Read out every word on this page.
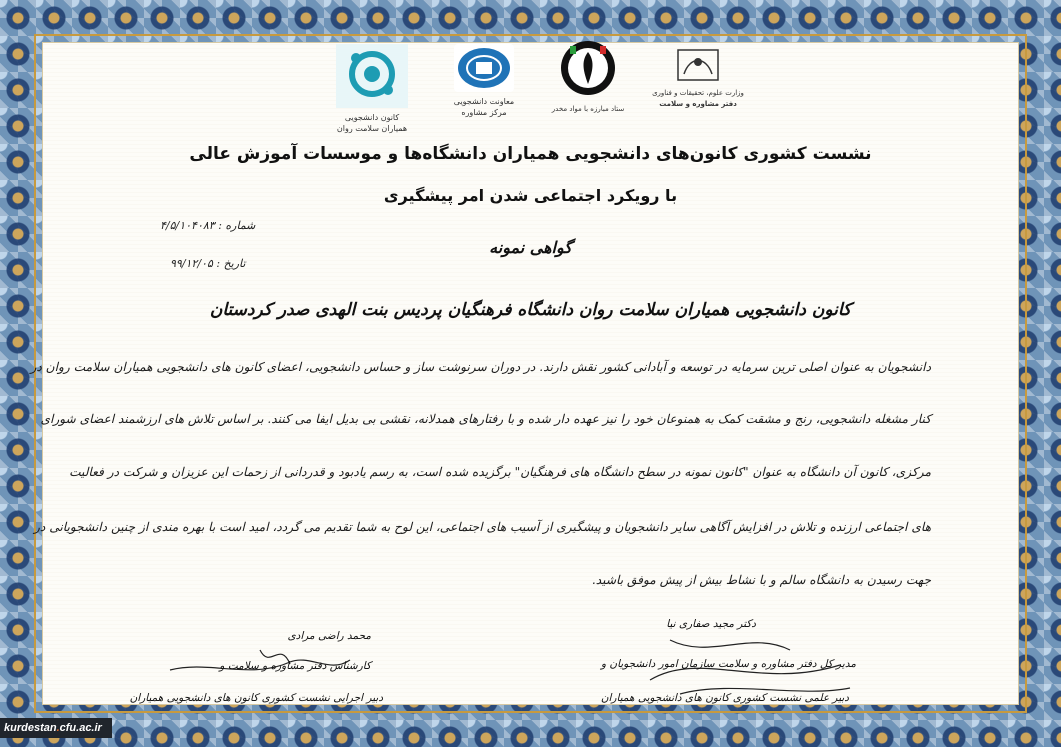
کانون دانشجویی همیاران سلامت روان
معاونت دانشجویی
مرکز مشاوره	ستاد مبارزه با مواد مخدر
وزارت علوم، تحقیقات و فناوری
دفتر مشاوره و سلامت
نشست کشوری کانون‌های دانشجویی همیاران دانشگاه‌ها و موسسات آموزش عالی
با رویکرد اجتماعی شدن امر پیشگیری
شماره : ۴/۵/۱۰۴۰۸۳
تاریخ : ۹۹/۱۲/۰۵
گواهی نمونه
کانون دانشجویی همیاران سلامت روان دانشگاه فرهنگیان پردیس بنت الهدی صدر کردستان
دانشجویان به عنوان اصلی ترین سرمایه در توسعه و آبادانی کشور نقش دارند. در دوران سرنوشت ساز و حساس دانشجویی، اعضای کانون های دانشجویی همیاران سلامت روان در
کنار مشغله دانشجویی، رنج و مشقت کمک به همنوعان خود را نیز عهده دار شده و با رفتارهای همدلانه، نقشی بی بدیل ایفا می کنند. بر اساس تلاش های ارزشمند اعضای شورای
مرکزی، کانون آن دانشگاه به عنوان "کانون نمونه در سطح دانشگاه های فرهنگیان" برگزیده شده است، به رسم یادبود و قدردانی از زحمات این عزیزان و شرکت در فعالیت
های اجتماعی ارزنده و تلاش در افزایش آگاهی سایر دانشجویان و پیشگیری از آسیب های اجتماعی، این لوح به شما تقدیم می گردد، امید است با بهره مندی از چنین دانشجویانی در
جهت رسیدن به دانشگاه سالم و با نشاط بیش از پیش موفق باشید.
دکتر مجید صفاری نیا
مدیر کل دفتر مشاوره و سلامت سازمان امور دانشجویان و
دبیر علمی نشست کشوری کانون های دانشجویی همیاران
محمد راضی مرادی
کارشناس دفتر مشاوره و سلامت و
دبیر اجرایی نشست کشوری کانون های دانشجویی همیاران
kurdestan.cfu.ac.ir
